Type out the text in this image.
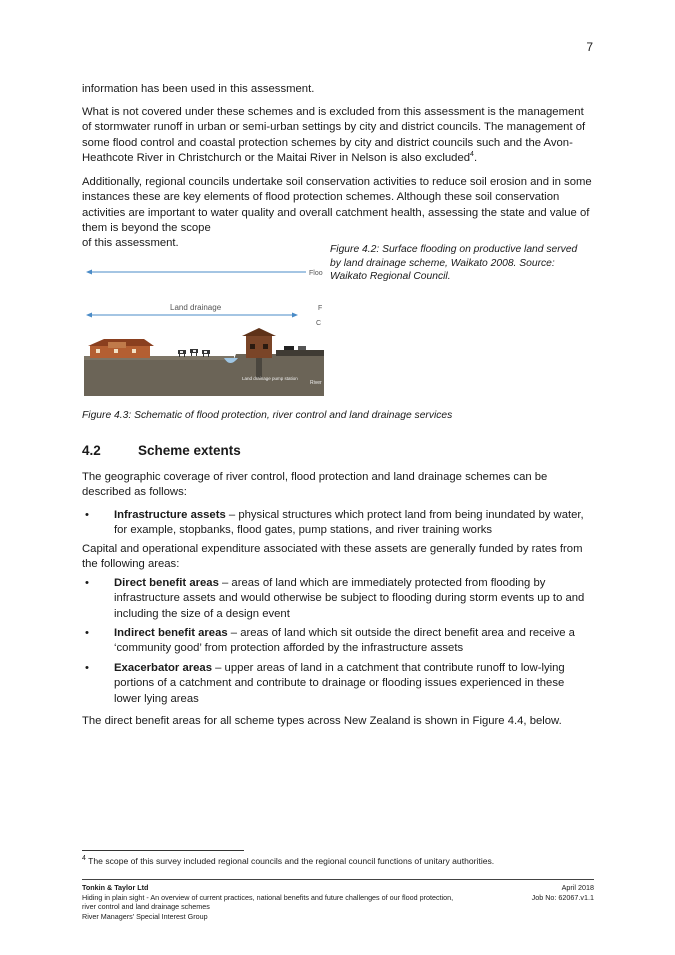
7

information has been used in this assessment.

What is not covered under these schemes and is excluded from this assessment is the management of stormwater runoff in urban or semi-urban settings by city and district councils. The management of some flood control and coastal protection schemes by city and district councils such and the Avon-Heathcote River in Christchurch or the Maitai River in Nelson is also excluded$^4$.

Additionally, regional councils undertake soil conservation activities to reduce soil erosion and in some instances these are key elements of flood protection schemes. Although these soil conservation activities are important to water quality and overall catchment health, assessing the state and value of them is beyond the scope

of this assessment.

Figure 4.2: Surface flooding on productive land served by land drainage scheme, Waikato 2008. Source: Waikato Regional Council.
Floo
Land drainage	F
C
Land drainage pump station
River
Figure 4.3: Schematic of flood protection, river control and land drainage services
4.2	Scheme extents

The geographic coverage of river control, flood protection and land drainage schemes can be described as follows:

• Infrastructure assets – physical structures which protect land from being inundated by water, for example, stopbanks, flood gates, pump stations, and river training works

Capital and operational expenditure associated with these assets are generally funded by rates from the following areas:

• Direct benefit areas – areas of land which are immediately protected from flooding by infrastructure assets and would otherwise be subject to flooding during storm events up to and including the size of a design event
• Indirect benefit areas – areas of land which sit outside the direct benefit area and receive a ‘community good’ from protection afforded by the infrastructure assets
• Exacerbator areas – upper areas of land in a catchment that contribute runoff to low-lying portions of a catchment and contribute to drainage or flooding issues experienced in these lower lying areas

The direct benefit areas for all scheme types across New Zealand is shown in Figure 4.4, below.

$^4$ The scope of this survey included regional councils and the regional council functions of unitary authorities.
Tonkin & Taylor Ltd
Hiding in plain sight - An overview of current practices, national benefits and future challenges of our flood protection, river control and land drainage schemes
River Managers' Special Interest Group
April 2018
Job No: 62067.v1.1
